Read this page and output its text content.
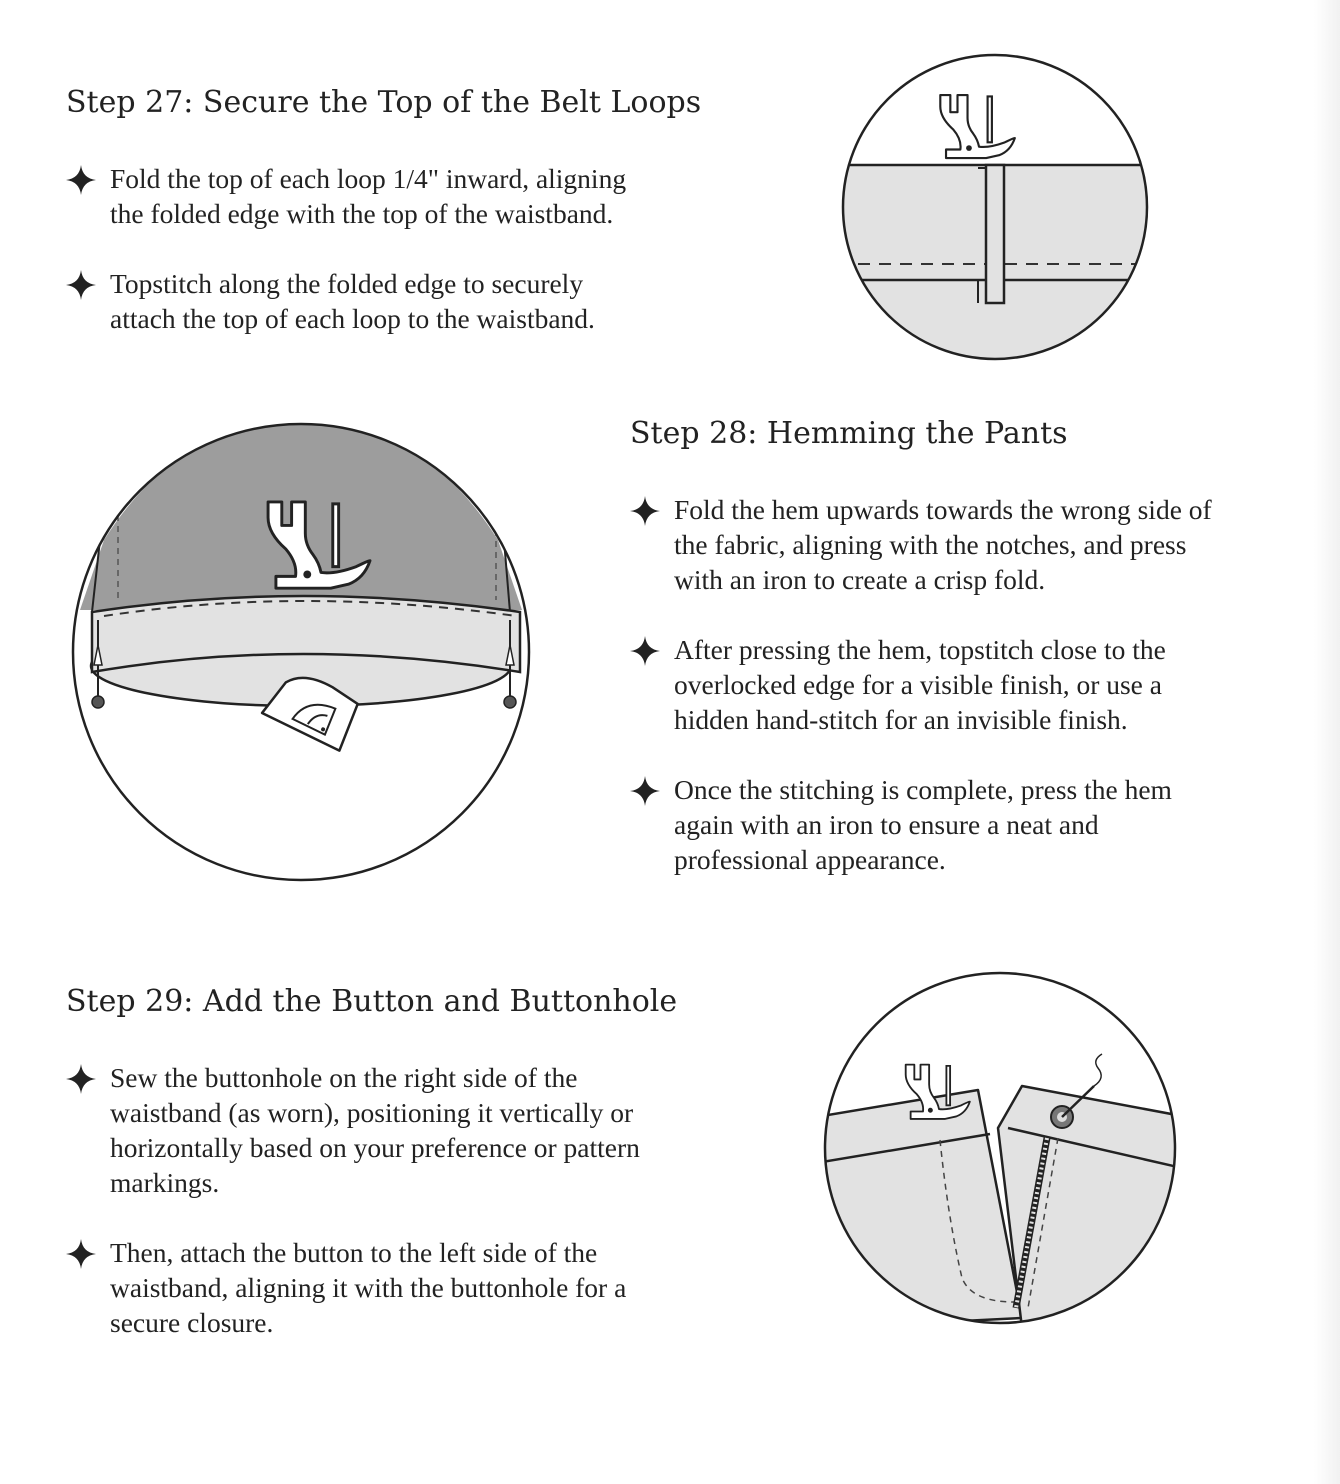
Step 27: Secure the Top of the Belt Loops
Fold the top of each loop 1/4" inward, aligning
the folded edge with the top of the waistband.
Topstitch along the folded edge to securely
attach the top of each loop to the waistband.
Step 28: Hemming the Pants
Fold the hem upwards towards the wrong side of
the fabric, aligning with the notches, and press
with an iron to create a crisp fold.
After pressing the hem, topstitch close to the
overlocked edge for a visible finish, or use a
hidden hand-stitch for an invisible finish.
Once the stitching is complete, press the hem
again with an iron to ensure a neat and
professional appearance.
Step 29: Add the Button and Buttonhole
Sew the buttonhole on the right side of the
waistband (as worn), positioning it vertically or
horizontally based on your preference or pattern
markings.
Then, attach the button to the left side of the
waistband, aligning it with the buttonhole for a
secure closure.
